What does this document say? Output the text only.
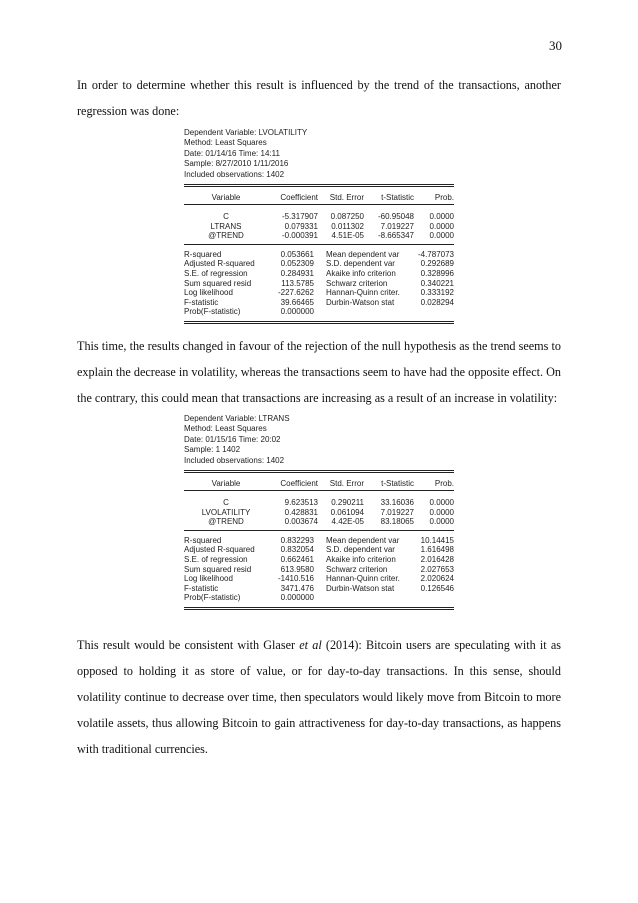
30

In order to determine whether this result is influenced by the trend of the transactions, another regression was done:

Dependent Variable: LVOLATILITY
Method: Least Squares
Date: 01/14/16 Time: 14:11
Sample: 8/27/2010 1/11/2016
Included observations: 1402
Variable	Coefficient	Std. Error	t-Statistic	Prob.
C	-5.317907	0.087250	-60.95048	0.0000
LTRANS	0.079331	0.011302	7.019227	0.0000
@TREND	-0.000391	4.51E-05	-8.665347	0.0000
R-squared	0.053661		Mean dependent var	-4.787073
Adjusted R-squared	0.052309		S.D. dependent var	0.292689
S.E. of regression	0.284931		Akaike info criterion	0.328996
Sum squared resid	113.5785		Schwarz criterion	0.340221
Log likelihood	-227.6262		Hannan-Quinn criter.	0.333192
F-statistic	39.66465		Durbin-Watson stat	0.028294
Prob(F-statistic)	0.000000			

This time, the results changed in favour of the rejection of the null hypothesis as the trend seems to explain the decrease in volatility, whereas the transactions seem to have had the opposite effect. On the contrary, this could mean that transactions are increasing as a result of an increase in volatility:

Dependent Variable: LTRANS
Method: Least Squares
Date: 01/15/16 Time: 20:02
Sample: 1 1402
Included observations: 1402
Variable	Coefficient	Std. Error	t-Statistic	Prob.
C	9.623513	0.290211	33.16036	0.0000
LVOLATILITY	0.428831	0.061094	7.019227	0.0000
@TREND	0.003674	4.42E-05	83.18065	0.0000
R-squared	0.832293		Mean dependent var	10.14415
Adjusted R-squared	0.832054		S.D. dependent var	1.616498
S.E. of regression	0.662461		Akaike info criterion	2.016428
Sum squared resid	613.9580		Schwarz criterion	2.027653
Log likelihood	-1410.516		Hannan-Quinn criter.	2.020624
F-statistic	3471.476		Durbin-Watson stat	0.126546
Prob(F-statistic)	0.000000			

This result would be consistent with Glaser et al (2014): Bitcoin users are speculating with it as opposed to holding it as store of value, or for day-to-day transactions. In this sense, should volatility continue to decrease over time, then speculators would likely move from Bitcoin to more volatile assets, thus allowing Bitcoin to gain attractiveness for day-to-day transactions, as happens with traditional currencies.
